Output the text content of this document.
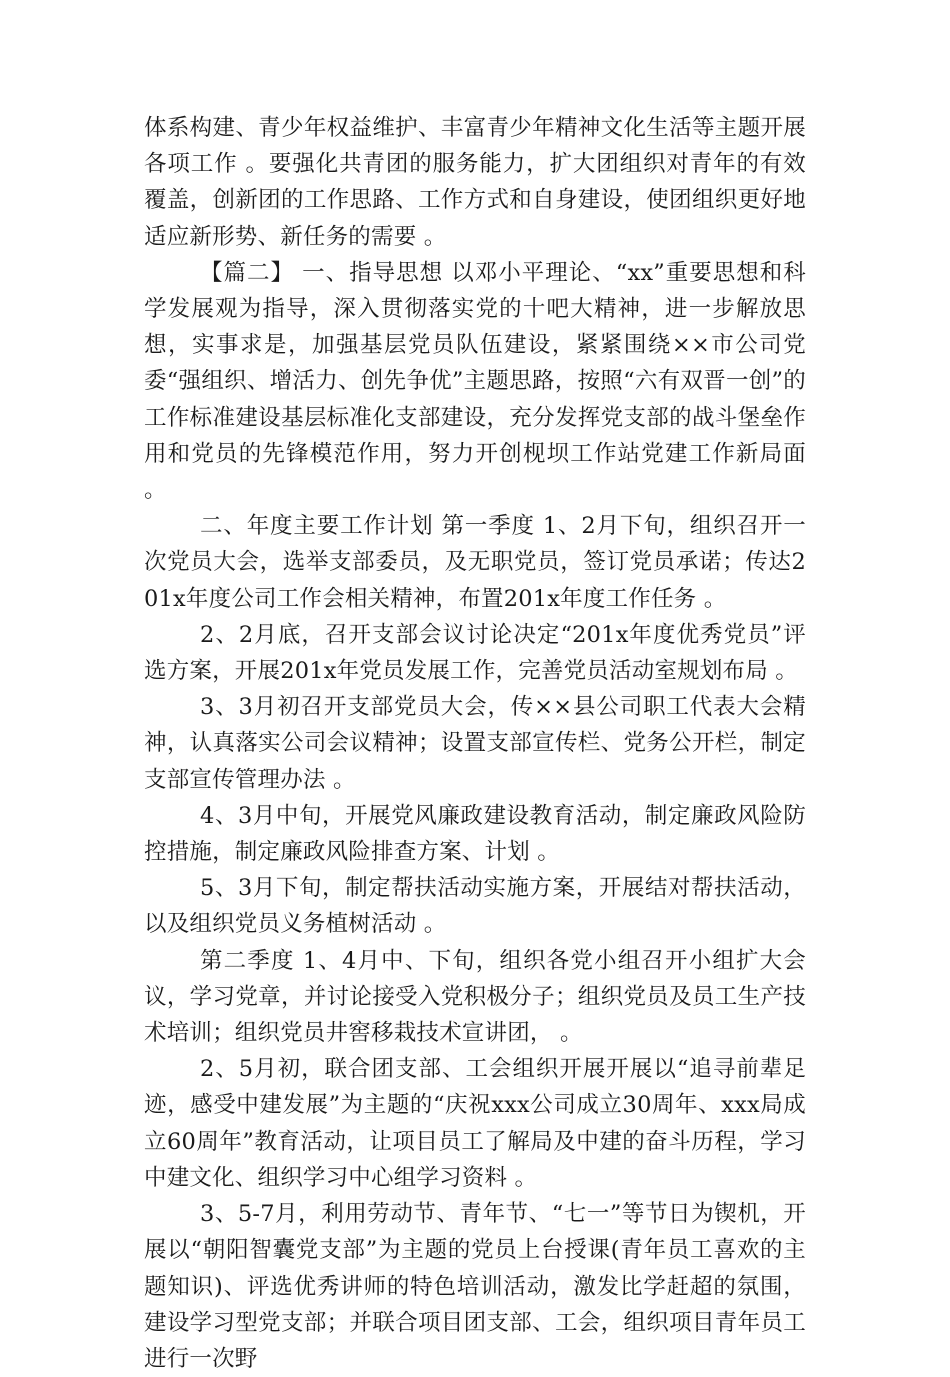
体系构建、青少年权益维护、丰富青少年精神文化生活等主题开展各项工作 。要强化共青团的服务能力，扩大团组织对青年的有效覆盖，创新团的工作思路、工作方式和自身建设，使团组织更好地适应新形势、新任务的需要 。

【篇二】 一、指导思想 以邓小平理论、“xx”重要思想和科学发展观为指导，深入贯彻落实党的十吧大精神，进一步解放思想，实事求是，加强基层党员队伍建设，紧紧围绕××市公司党委“强组织、增活力、创先争优”主题思路，按照“六有双晋一创”的工作标准建设基层标准化支部建设，充分发挥党支部的战斗堡垒作用和党员的先锋模范作用，努力开创枧坝工作站党建工作新局面 。

二、年度主要工作计划 第一季度 1、2月下旬，组织召开一次党员大会，选举支部委员，及无职党员，签订党员承诺；传达201x年度公司工作会相关精神，布置201x年度工作任务 。

2、2月底，召开支部会议讨论决定“201x年度优秀党员”评选方案，开展201x年党员发展工作，完善党员活动室规划布局 。

3、3月初召开支部党员大会，传××县公司职工代表大会精神，认真落实公司会议精神；设置支部宣传栏、党务公开栏，制定支部宣传管理办法 。

4、3月中旬，开展党风廉政建设教育活动，制定廉政风险防控措施，制定廉政风险排查方案、计划 。

5、3月下旬，制定帮扶活动实施方案，开展结对帮扶活动，以及组织党员义务植树活动 。

第二季度 1、4月中、下旬，组织各党小组召开小组扩大会议，学习党章，并讨论接受入党积极分子；组织党员及员工生产技术培训；组织党员井窖移栽技术宣讲团， 。

2、5月初，联合团支部、工会组织开展开展以“追寻前辈足迹，感受中建发展”为主题的“庆祝xxx公司成立30周年、xxx局成立60周年”教育活动，让项目员工了解局及中建的奋斗历程，学习中建文化、组织学习中心组学习资料 。

3、5-7月，利用劳动节、青年节、“七一”等节日为锲机，开展以“朝阳智囊党支部”为主题的党员上台授课(青年员工喜欢的主题知识)、评选优秀讲师的特色培训活动，激发比学赶超的氛围，建设学习型党支部；并联合项目团支部、工会，组织项目青年员工进行一次野
